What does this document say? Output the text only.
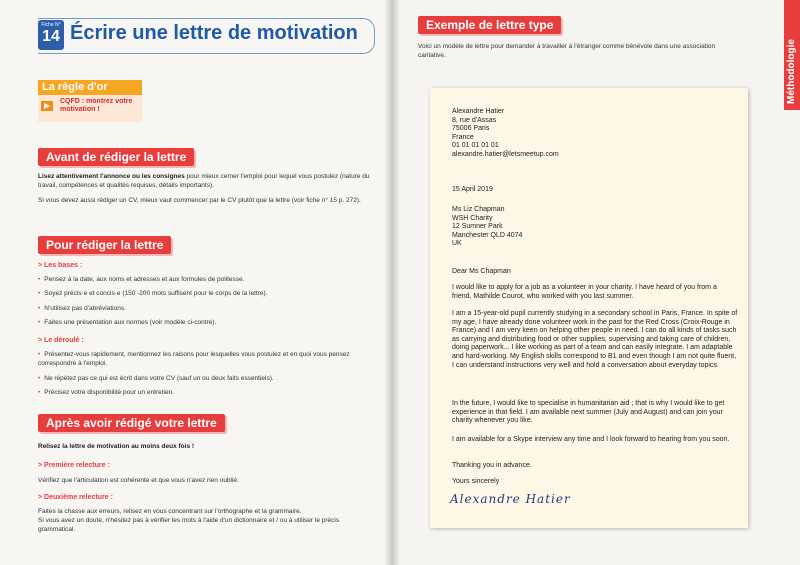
Fiche N°
14 Écrire une lettre de motivation
La règle d'or
CQFD : montrez votre motivation !
Avant de rédiger la lettre
Lisez attentivement l'annonce ou les consignes pour mieux cerner l'emploi pour lequel vous postulez (nature du travail, compétences et qualités requises, détails importants).
Si vous devez aussi rédiger un CV, mieux vaut commencer par le CV plutôt que la lettre (voir fiche n° 15 p. 272).
Pour rédiger la lettre
> Les bases :
• Pensez à la date, aux noms et adresses et aux formules de politesse.
• Soyez précis·e et concis·e (150 -200 mots suffisent pour le corps de la lettre).
• N'utilisez pas d'abréviations.
• Faites une présentation aux normes (voir modèle ci-contre).
> Le déroulé :
• Présentez-vous rapidement, mentionnez les raisons pour lesquelles vous postulez et en quoi vous pensez correspondre à l'emploi.
• Ne répétez pas ce qui est écrit dans votre CV (sauf un ou deux faits essentiels).
• Précisez votre disponibilité pour un entretien.
Après avoir rédigé votre lettre
Relisez la lettre de motivation au moins deux fois !
> Première relecture :
Vérifiez que l'articulation est cohérente et que vous n'avez rien oublié.
> Deuxième relecture :
Faites la chasse aux erreurs, relisez en vous concentrant sur l'orthographe et la grammaire.
Si vous avez un doute, n'hésitez pas à vérifier les mots à l'aide d'un dictionnaire et / ou à utiliser le précis grammatical.
Exemple de lettre type
Voici un modèle de lettre pour demander à travailler à l'étranger comme bénévole dans une association caritative.
Alexandre Hatier
8, rue d'Assas
75006 Paris
France
01 01 01 01 01
alexandre.hatier@letsmeetup.com
15 April 2019
Ms Liz Chapman
WSH Charity
12 Sumner Park
Manchester QLD 4074
UK
Dear Ms Chapman
I would like to apply for a job as a volunteer in your charity. I have heard of you from a friend, Mathilde Courot, who worked with you last summer.
I am a 15-year-old pupil currently studying in a secondary school in Paris, France. In spite of my age, I have already done volunteer work in the past for the Red Cross (Croix-Rouge in France) and I am very keen on helping other people in need. I can do all kinds of tasks such as carrying and distributing food or other supplies, supervising and taking care of children, doing paperwork... I like working as part of a team and can easily integrate. I am adaptable and hard-working. My English skills correspond to B1 and even though I am not quite fluent, I can understand instructions very well and hold a conversation about everyday topics.
In the future, I would like to specialise in humanitarian aid ; that is why I would like to get experience in that field. I am available next summer (July and August) and can join your charity whenever you like.
I am available for a Skype interview any time and I look forward to hearing from you soon.
Thanking you in advance.
Yours sincerely
Alexandre Hatier
Méthodologie
